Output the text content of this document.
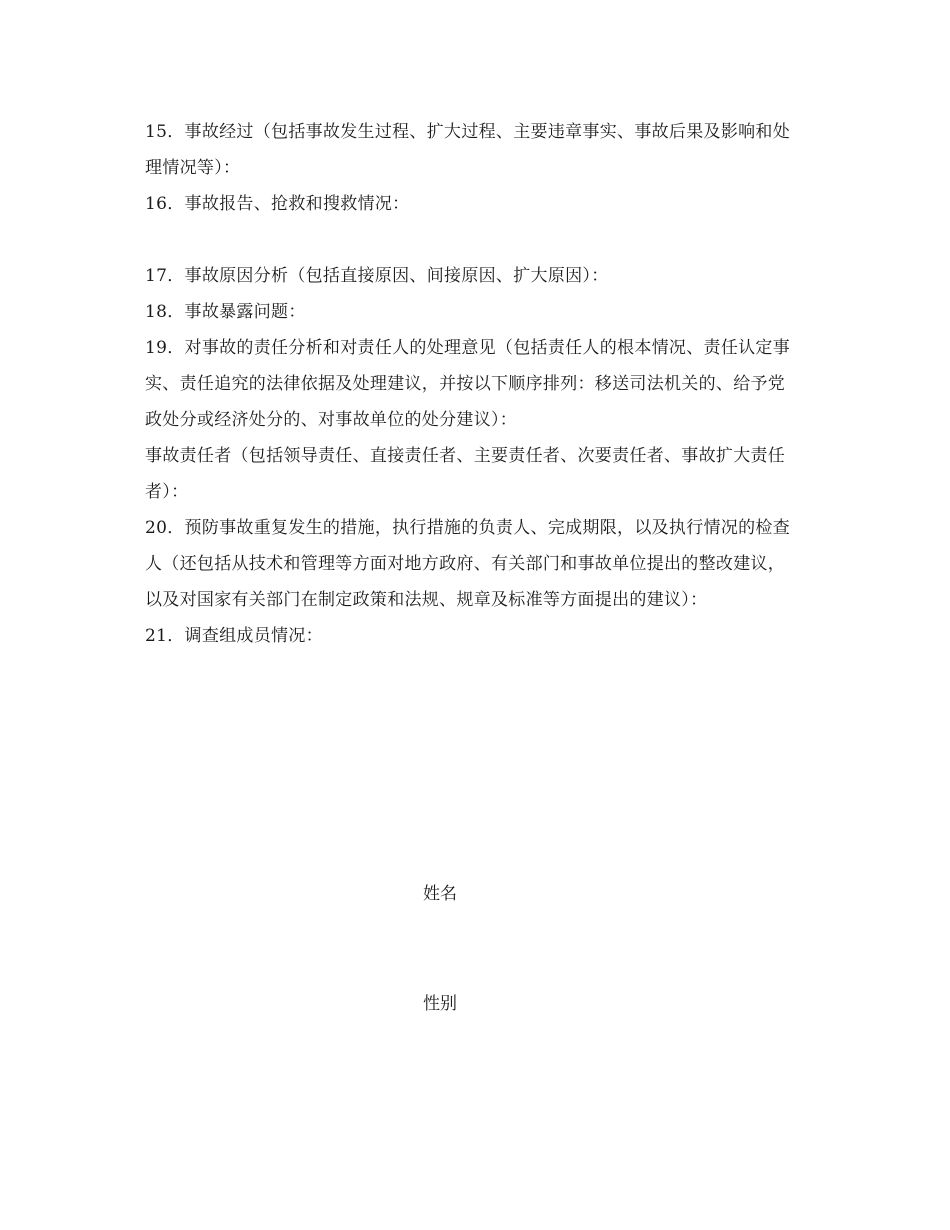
15．事故经过（包括事故发生过程、扩大过程、主要违章事实、事故后果及影响和处理情况等）：

16．事故报告、抢救和搜救情况：

17．事故原因分析（包括直接原因、间接原因、扩大原因）：

18．事故暴露问题：

19．对事故的责任分析和对责任人的处理意见（包括责任人的根本情况、责任认定事实、责任追究的法律依据及处理建议，并按以下顺序排列：移送司法机关的、给予党政处分或经济处分的、对事故单位的处分建议）：

事故责任者（包括领导责任、直接责任者、主要责任者、次要责任者、事故扩大责任者）：

20．预防事故重复发生的措施，执行措施的负责人、完成期限，以及执行情况的检查人（还包括从技术和管理等方面对地方政府、有关部门和事故单位提出的整改建议，以及对国家有关部门在制定政策和法规、规章及标准等方面提出的建议）：

21．调查组成员情况：

姓名
性别
